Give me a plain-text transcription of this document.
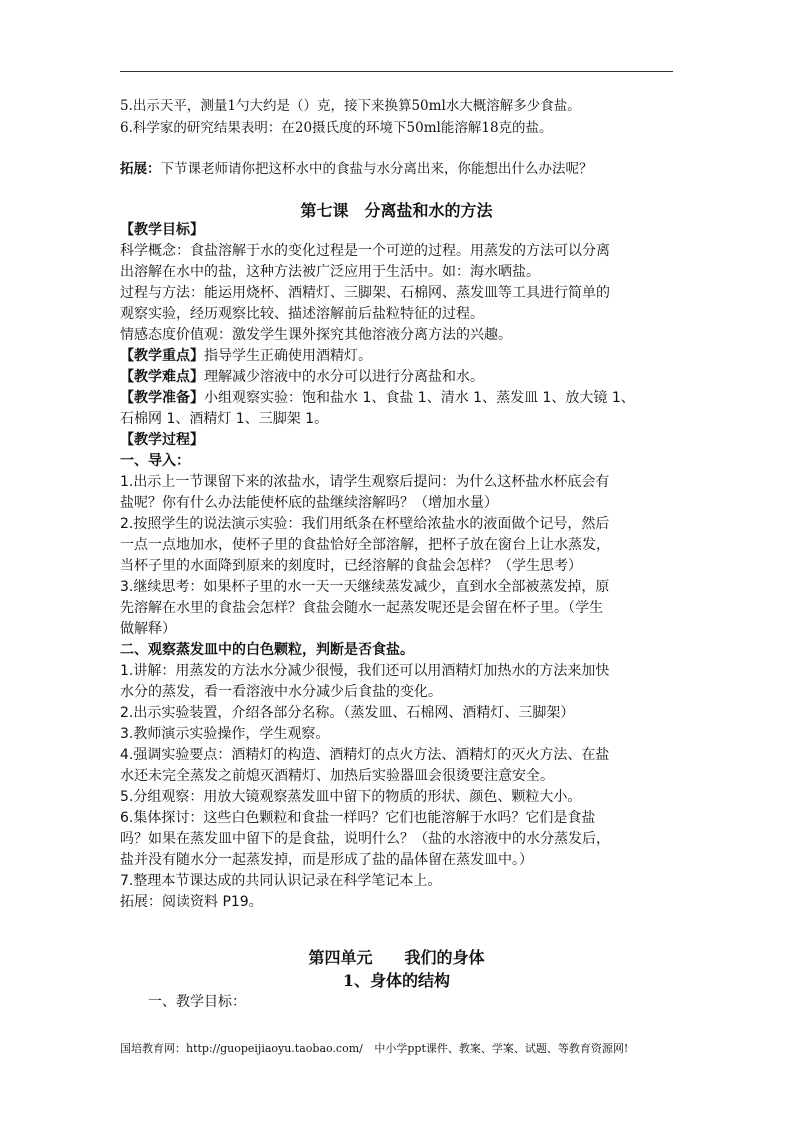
5.出示天平，测量1勺大约是（）克，接下来换算50ml水大概溶解多少食盐。
6.科学家的研究结果表明：在20摄氏度的环境下50ml能溶解18克的盐。
拓展：下节课老师请你把这杯水中的食盐与水分离出来，你能想出什么办法呢？
第七课　分离盐和水的方法
【教学目标】
科学概念：食盐溶解于水的变化过程是一个可逆的过程。用蒸发的方法可以分离
出溶解在水中的盐，这种方法被广泛应用于生活中。如：海水晒盐。
过程与方法：能运用烧杯、酒精灯、三脚架、石棉网、蒸发皿等工具进行简单的
观察实验，经历观察比较、描述溶解前后盐粒特征的过程。
情感态度价值观：激发学生课外探究其他溶液分离方法的兴趣。
【教学重点】指导学生正确使用酒精灯。
【教学难点】理解减少溶液中的水分可以进行分离盐和水。
【教学准备】小组观察实验：饱和盐水 1、食盐 1、清水 1、蒸发皿 1、放大镜 1、
石棉网 1、酒精灯 1、三脚架 1。
【教学过程】
一、导入：
1.出示上一节课留下来的浓盐水，请学生观察后提问：为什么这杯盐水杯底会有
盐呢？你有什么办法能使杯底的盐继续溶解吗？（增加水量）
2.按照学生的说法演示实验：我们用纸条在杯壁给浓盐水的液面做个记号，然后
一点一点地加水，使杯子里的食盐恰好全部溶解，把杯子放在窗台上让水蒸发，
当杯子里的水面降到原来的刻度时，已经溶解的食盐会怎样？（学生思考）
3.继续思考：如果杯子里的水一天一天继续蒸发减少，直到水全部被蒸发掉，原
先溶解在水里的食盐会怎样？食盐会随水一起蒸发呢还是会留在杯子里。（学生
做解释）
二、观察蒸发皿中的白色颗粒，判断是否食盐。
1.讲解：用蒸发的方法水分减少很慢，我们还可以用酒精灯加热水的方法来加快
水分的蒸发，看一看溶液中水分减少后食盐的变化。
2.出示实验装置，介绍各部分名称。（蒸发皿、石棉网、酒精灯、三脚架）
3.教师演示实验操作，学生观察。
4.强调实验要点：酒精灯的构造、酒精灯的点火方法、酒精灯的灭火方法、在盐
水还未完全蒸发之前熄灭酒精灯、加热后实验器皿会很烫要注意安全。
5.分组观察：用放大镜观察蒸发皿中留下的物质的形状、颜色、颗粒大小。
6.集体探讨：这些白色颗粒和食盐一样吗？它们也能溶解于水吗？它们是食盐
吗？如果在蒸发皿中留下的是食盐，说明什么？（盐的水溶液中的水分蒸发后，
盐并没有随水分一起蒸发掉，而是形成了盐的晶体留在蒸发皿中。）
7.整理本节课达成的共同认识记录在科学笔记本上。
拓展：阅读资料 P19。
第四单元　　我们的身体
1、身体的结构
一、教学目标：
国培教育网：http://guopeijiaoyu.taobao.com/ 中小学ppt课件、教案、学案、试题、等教育资源网!
